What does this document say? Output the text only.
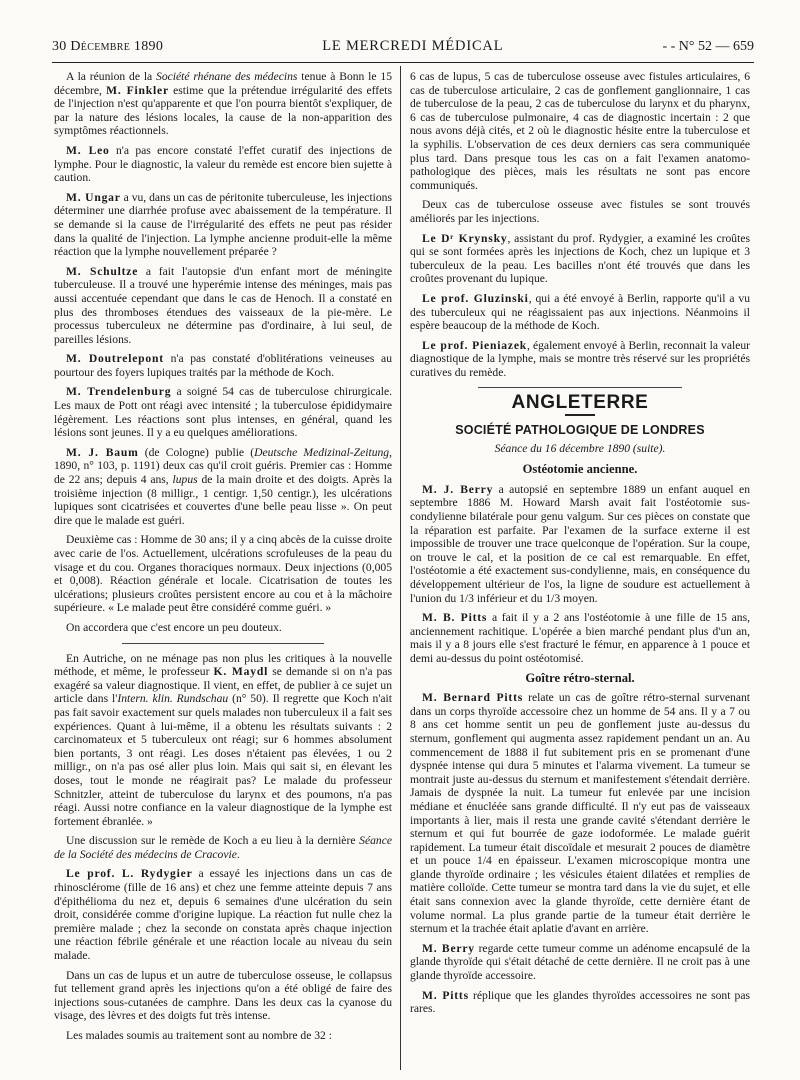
30 Décembre 1890	LE MERCREDI MÉDICAL	- - N° 52 — 659

A la réunion de la Société rhénane des médecins tenue à Bonn le 15 décembre, M. Finkler estime que la prétendue irrégularité des effets de l'injection n'est qu'apparente et que l'on pourra bientôt s'expliquer, de par la nature des lésions locales, la cause de la non-apparition des symptômes réactionnels.

M. Leo n'a pas encore constaté l'effet curatif des injections de lymphe. Pour le diagnostic, la valeur du remède est encore bien sujette à caution.

M. Ungar a vu, dans un cas de péritonite tuberculeuse, les injections déterminer une diarrhée profuse avec abaissement de la température. Il se demande si la cause de l'irrégularité des effets ne peut pas résider dans la qualité de l'injection. La lymphe ancienne produit-elle la même réaction que la lymphe nouvellement préparée ?

M. Schultze a fait l'autopsie d'un enfant mort de méningite tuberculeuse. Il a trouvé une hyperémie intense des méninges, mais pas aussi accentuée cependant que dans le cas de Henoch. Il a constaté en plus des thromboses étendues des vaisseaux de la pie-mère. Le processus tuberculeux ne détermine pas d'ordinaire, à lui seul, de pareilles lésions.

M. Doutrelepont n'a pas constaté d'oblitérations veineuses au pourtour des foyers lupiques traités par la méthode de Koch.

M. Trendelenburg a soigné 54 cas de tuberculose chirurgicale. Les maux de Pott ont réagi avec intensité ; la tuberculose épididymaire légèrement. Les réactions sont plus intenses, en général, quand les lésions sont jeunes. Il y a eu quelques améliorations.

M. J. Baum (de Cologne) publie (Deutsche Medizinal-Zeitung, 1890, n° 103, p. 1191) deux cas qu'il croit guéris. Premier cas : Homme de 22 ans; depuis 4 ans, lupus de la main droite et des doigts. Après la troisième injection (8 milligr., 1 centigr. 1,50 centigr.), les ulcérations lupiques sont cicatrisées et couvertes d'une belle peau lisse ». On peut dire que le malade est guéri.

Deuxième cas : Homme de 30 ans; il y a cinq abcès de la cuisse droite avec carie de l'os. Actuellement, ulcérations scrofuleuses de la peau du visage et du cou. Organes thoraciques normaux. Deux injections (0,005 et 0,008). Réaction générale et locale. Cicatrisation de toutes les ulcérations; plusieurs croûtes persistent encore au cou et à la mâchoire supérieure. « Le malade peut être considéré comme guéri. »

On accordera que c'est encore un peu douteux.

En Autriche, on ne ménage pas non plus les critiques à la nouvelle méthode, et même, le professeur K. Maydl se demande si on n'a pas exagéré sa valeur diagnostique. Il vient, en effet, de publier à ce sujet un article dans l'Intern. klin. Rundschau (n° 50). Il regrette que Koch n'ait pas fait savoir exactement sur quels malades non tuberculeux il a fait ses expériences. Quant à lui-même, il a obtenu les résultats suivants : 2 carcinomateux et 5 tuberculeux ont réagi; sur 6 hommes absolument bien portants, 3 ont réagi. Les doses n'étaient pas élevées, 1 ou 2 milligr., on n'a pas osé aller plus loin. Mais qui sait si, en élevant les doses, tout le monde ne réagirait pas? Le malade du professeur Schnitzler, atteint de tuberculose du larynx et des poumons, n'a pas réagi. Aussi notre confiance en la valeur diagnostique de la lymphe est fortement ébranlée. »

Une discussion sur le remède de Koch a eu lieu à la dernière Séance de la Société des médecins de Cracovie.

Le prof. L. Rydygier a essayé les injections dans un cas de rhinosclérome (fille de 16 ans) et chez une femme atteinte depuis 7 ans d'épithélioma du nez et, depuis 6 semaines d'une ulcération du sein droit, considérée comme d'origine lupique. La réaction fut nulle chez la première malade ; chez la seconde on constata après chaque injection une réaction fébrile générale et une réaction locale au niveau du sein malade.

Dans un cas de lupus et un autre de tuberculose osseuse, le collapsus fut tellement grand après les injections qu'on a été obligé de faire des injections sous-cutanées de camphre. Dans les deux cas la cyanose du visage, des lèvres et des doigts fut très intense.

Les malades soumis au traitement sont au nombre de 32 :

6 cas de lupus, 5 cas de tuberculose osseuse avec fistules articulaires, 6 cas de tuberculose articulaire, 2 cas de gonflement ganglionnaire, 1 cas de tuberculose de la peau, 2 cas de tuberculose du larynx et du pharynx, 6 cas de tuberculose pulmonaire, 4 cas de diagnostic incertain : 2 que nous avons déjà cités, et 2 où le diagnostic hésite entre la tuberculose et la syphilis. L'observation de ces deux derniers cas sera communiquée plus tard. Dans presque tous les cas on a fait l'examen anatomo-pathologique des pièces, mais les résultats ne sont pas encore communiqués.

Deux cas de tuberculose osseuse avec fistules se sont trouvés améliorés par les injections.

Le Dʳ Krynsky, assistant du prof. Rydygier, a examiné les croûtes qui se sont formées après les injections de Koch, chez un lupique et 3 tuberculeux de la peau. Les bacilles n'ont été trouvés que dans les croûtes provenant du lupique.

Le prof. Gluzinski, qui a été envoyé à Berlin, rapporte qu'il a vu des tuberculeux qui ne réagissaient pas aux injections. Néanmoins il espère beaucoup de la méthode de Koch.

Le prof. Pieniazek, également envoyé à Berlin, reconnait la valeur diagnostique de la lymphe, mais se montre très réservé sur les propriétés curatives du remède.

ANGLETERRE
SOCIÉTÉ PATHOLOGIQUE DE LONDRES
Séance du 16 décembre 1890 (suite).
Ostéotomie ancienne.

M. J. Berry a autopsié en septembre 1889 un enfant auquel en septembre 1886 M. Howard Marsh avait fait l'ostéotomie sus-condylienne bilatérale pour genu valgum. Sur ces pièces on constate que la réparation est parfaite. Par l'examen de la surface externe il est impossible de trouver une trace quelconque de l'opération. Sur la coupe, on trouve le cal, et la position de ce cal est remarquable. En effet, l'ostéotomie a été exactement sus-condylienne, mais, en conséquence du développement ultérieur de l'os, la ligne de soudure est actuellement à l'union du 1/3 inférieur et du 1/3 moyen.

M. B. Pitts a fait il y a 2 ans l'ostéotomie à une fille de 15 ans, anciennement rachitique. L'opérée a bien marché pendant plus d'un an, mais il y a 8 jours elle s'est fracturé le fémur, en apparence à 1 pouce et demi au-dessus du point ostéotomisé.

Goître rétro-sternal.

M. Bernard Pitts relate un cas de goître rétro-sternal survenant dans un corps thyroïde accessoire chez un homme de 54 ans. Il y a 7 ou 8 ans cet homme sentit un peu de gonflement juste au-dessus du sternum, gonflement qui augmenta assez rapidement pendant un an. Au commencement de 1888 il fut subitement pris en se promenant d'une dyspnée intense qui dura 5 minutes et l'alarma vivement. La tumeur se montrait juste au-dessus du sternum et manifestement s'étendait derrière. Jamais de dyspnée la nuit. La tumeur fut enlevée par une incision médiane et énucléée sans grande difficulté. Il n'y eut pas de vaisseaux importants à lier, mais il resta une grande cavité s'étendant derrière le sternum et qui fut bourrée de gaze iodoformée. Le malade guérit rapidement. La tumeur était discoïdale et mesurait 2 pouces de diamètre et un pouce 1/4 en épaisseur. L'examen microscopique montra une glande thyroïde ordinaire ; les vésicules étaient dilatées et remplies de matière colloïde. Cette tumeur se montra tard dans la vie du sujet, et elle était sans connexion avec la glande thyroïde, cette dernière étant de volume normal. La plus grande partie de la tumeur était derrière le sternum et la trachée était aplatie d'avant en arrière.

M. Berry regarde cette tumeur comme un adénome encapsulé de la glande thyroïde qui s'était détaché de cette dernière. Il ne croit pas à une glande thyroïde accessoire.

M. Pitts réplique que les glandes thyroïdes accessoires ne sont pas rares.
